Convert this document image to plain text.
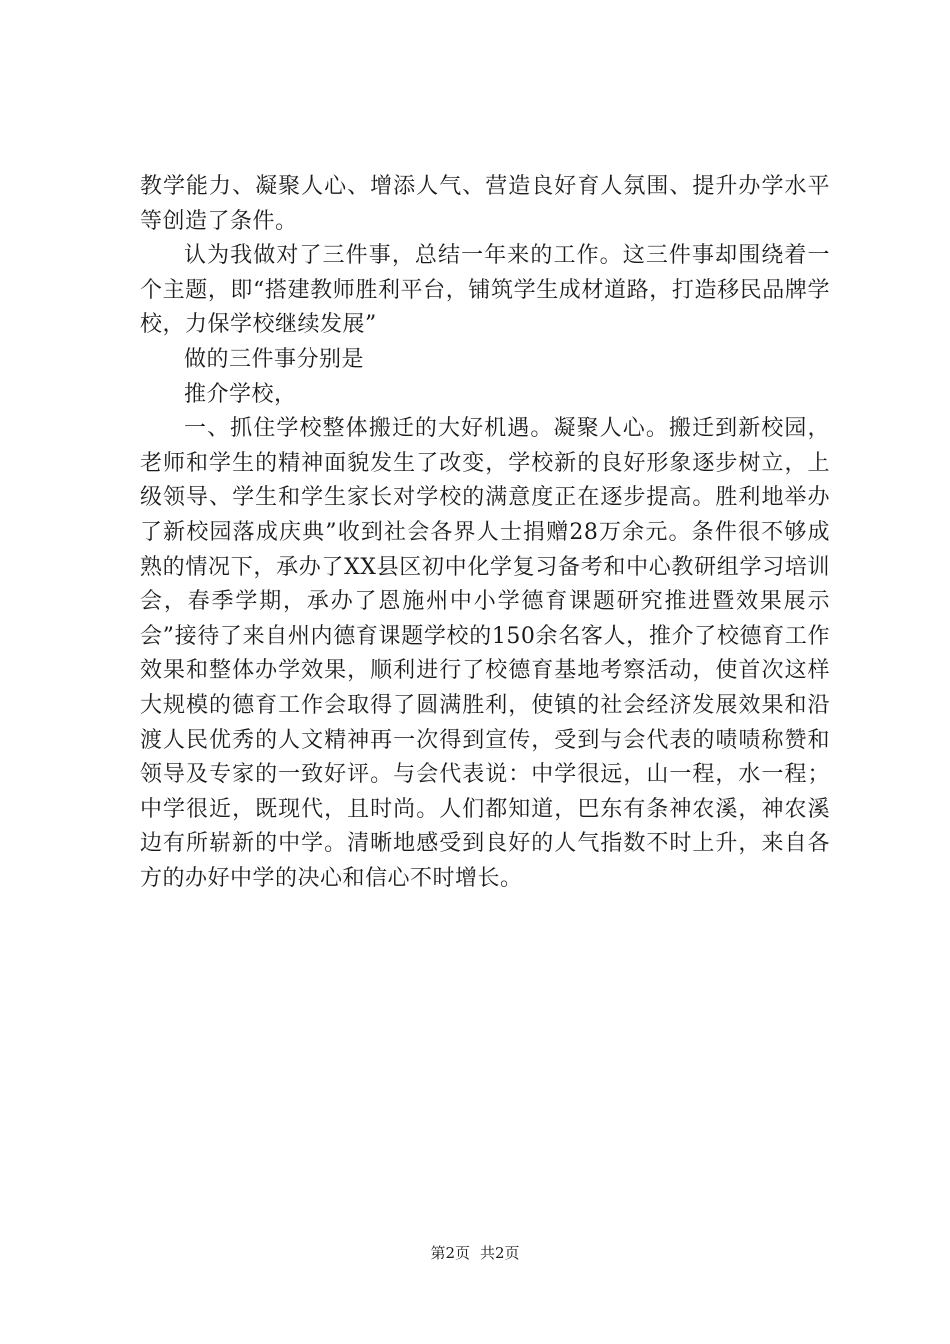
教学能力、凝聚人心、增添人气、营造良好育人氛围、提升办学水平等创造了条件。

认为我做对了三件事，总结一年来的工作。这三件事却围绕着一个主题，即“搭建教师胜利平台，铺筑学生成材道路，打造移民品牌学校，力保学校继续发展”

做的三件事分别是

推介学校，

一、抓住学校整体搬迁的大好机遇。凝聚人心。搬迁到新校园，老师和学生的精神面貌发生了改变，学校新的良好形象逐步树立，上级领导、学生和学生家长对学校的满意度正在逐步提高。胜利地举办了新校园落成庆典”收到社会各界人士捐赠28万余元。条件很不够成熟的情况下，承办了XX县区初中化学复习备考和中心教研组学习培训会，春季学期，承办了恩施州中小学德育课题研究推进暨效果展示会”接待了来自州内德育课题学校的150余名客人，推介了校德育工作效果和整体办学效果，顺利进行了校德育基地考察活动，使首次这样大规模的德育工作会取得了圆满胜利，使镇的社会经济发展效果和沿渡人民优秀的人文精神再一次得到宣传，受到与会代表的啧啧称赞和领导及专家的一致好评。与会代表说：中学很远，山一程，水一程；中学很近，既现代，且时尚。人们都知道，巴东有条神农溪，神农溪边有所崭新的中学。清晰地感受到良好的人气指数不时上升，来自各方的办好中学的决心和信心不时增长。

第2页 共2页
